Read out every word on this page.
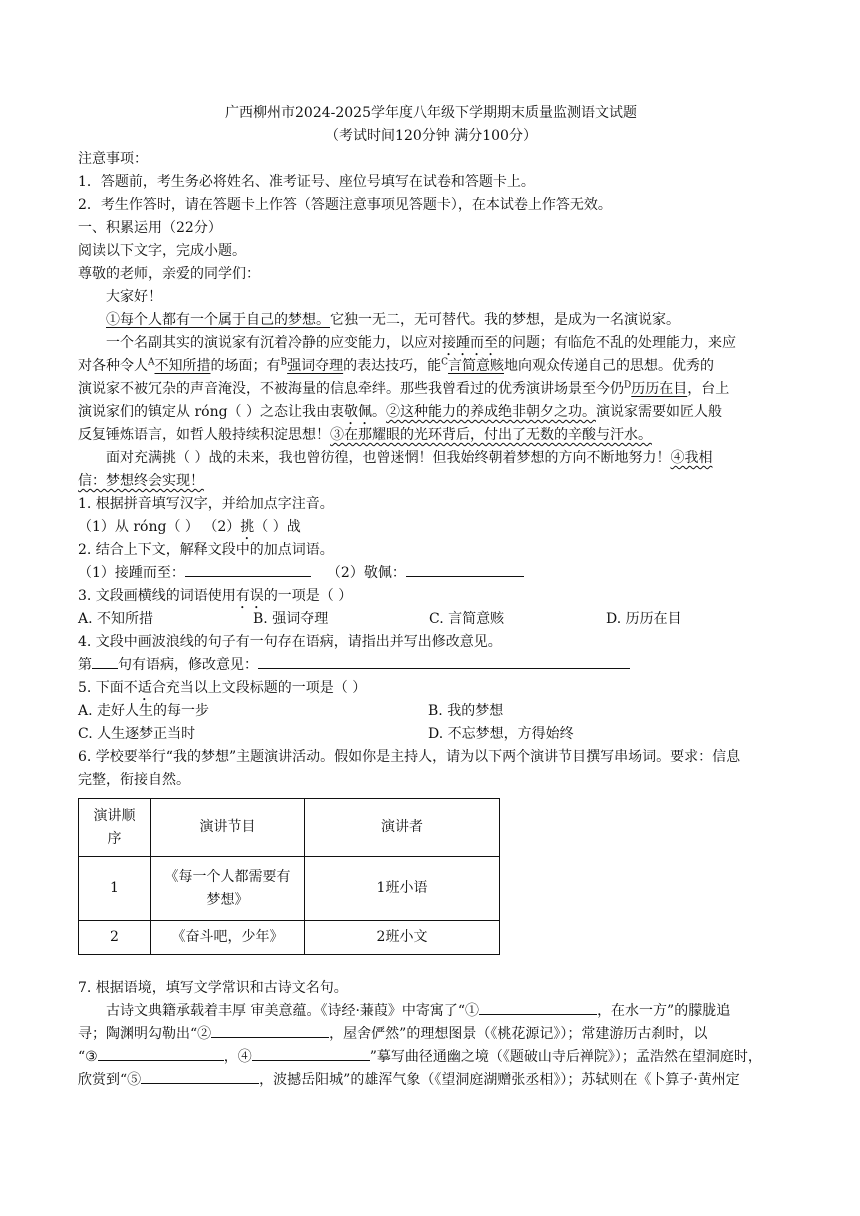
广西柳州市2024-2025学年度八年级下学期期末质量监测语文试题
（考试时间120分钟 满分100分）
注意事项：
1．答题前，考生务必将姓名、准考证号、座位号填写在试卷和答题卡上。
2．考生作答时，请在答题卡上作答（答题注意事项见答题卡），在本试卷上作答无效。
一、积累运用（22分）
阅读以下文字，完成小题。
尊敬的老师，亲爱的同学们：
大家好！
①每个人都有一个属于自己的梦想。它独一无二，无可替代。我的梦想，是成为一名演说家。
一个名副其实的演说家有沉着冷静的应变能力，以应对接踵而至的问题；有临危不乱的处理能力，来应
对各种令人$^A$不知所措的场面；有$^B$强词夺理的表达技巧，能$^C$言简意赅地向观众传递自己的思想。优秀的
演说家不被冗杂的声音淹没，不被海量的信息牵绊。那些我曾看过的优秀演讲场景至今仍$^D$历历在目，台上
演说家们的镇定从 róng（ ）之态让我由衷敬佩。②这种能力的养成绝非朝夕之功。演说家需要如匠人般
反复锤炼语言，如哲人般持续积淀思想！③在那耀眼的光环背后，付出了无数的辛酸与汗水。
面对充满挑（ ）战的未来，我也曾彷徨，也曾迷惘！但我始终朝着梦想的方向不断地努力！④我相
信：梦想终会实现！
1. 根据拼音填写汉字，并给加点字注音。
（1）从 róng（ ） （2）挑（ ）战
2. 结合上下文，解释文段中的加点词语。
（1）接踵而至：	（2）敬佩：
3. 文段画横线的词语使用有误的一项是（ ）
A. 不知所措	B. 强词夺理	C. 言简意赅	D. 历历在目
4. 文段中画波浪线的句子有一句存在语病，请指出并写出修改意见。
第 句有语病，修改意见：
5. 下面不适合充当以上文段标题的一项是（ ）
A. 走好人生的每一步	B. 我的梦想
C. 人生逐梦正当时	D. 不忘梦想，方得始终
6. 学校要举行“我的梦想”主题演讲活动。假如你是主持人，请为以下两个演讲节目撰写串场词。要求：信息
完整，衔接自然。
演讲顺
序	演讲节目	演讲者
1	《每一个人都需要有
梦想》	1班小语
2	《奋斗吧，少年》	2班小文
7. 根据语境，填写文学常识和古诗文名句。
古诗文典籍承载着丰厚 审美意蕴。《诗经·蒹葭》中寄寓了“①	，在水一方”的朦胧追
寻；陶渊明勾勒出“②	，屋舍俨然”的理想图景（《桃花源记》）；常建游历古刹时，以
“③	，④	”摹写曲径通幽之境（《题破山寺后禅院》）；孟浩然在望洞庭时，
欣赏到“⑤	，波撼岳阳城”的雄浑气象（《望洞庭湖赠张丞相》）；苏轼则在《卜算子·黄州定
